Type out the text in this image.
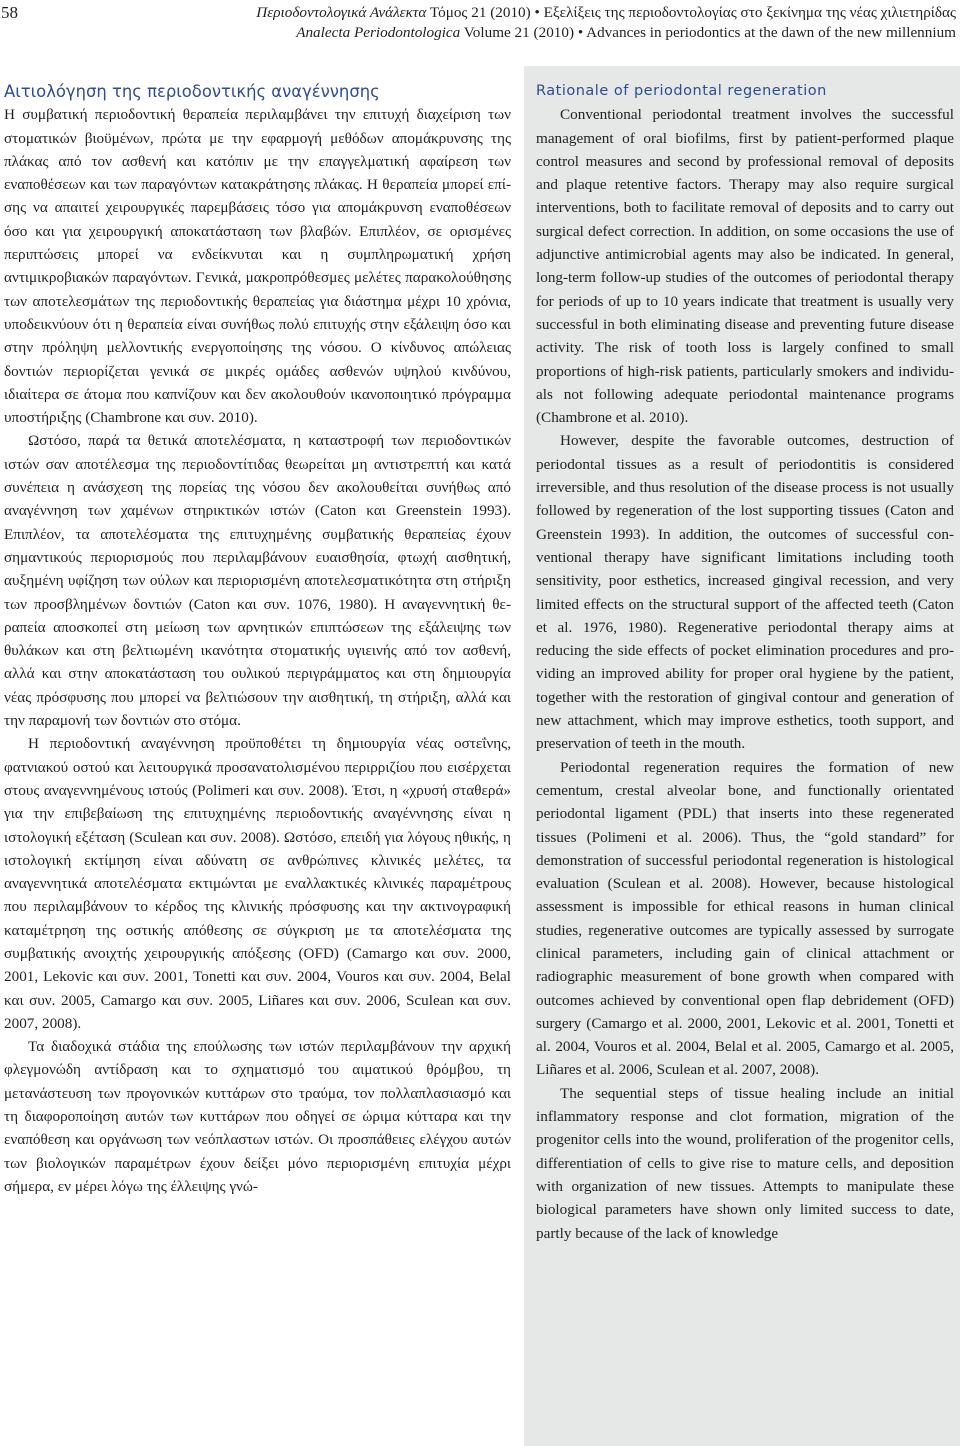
58	Περιοδοντολογικά Ανάλεκτα Τόμος 21 (2010) • Εξελίξεις της περιοδοντολογίας στο ξεκίνημα της νέας χιλιετηρίδας
Analecta Periodontologica Volume 21 (2010) • Advances in periodontics at the dawn of the new millennium
Αιτιολόγηση της περιοδοντικής αναγέννησης

Η συμβατική περιοδοντική θεραπεία περιλαμβάνει την επιτυχή διαχείριση των στοματικών βιοϋμένων, πρώτα με την εφαρμογή μεθόδων απομάκρυνσης της πλάκας από τον ασθενή και κατόπιν με την επαγγελματική αφαίρεση των εναποθέσεων και των παραγόντων κατακράτησης πλάκας. Η θεραπεία μπορεί επίσης να απαιτεί χειρουργικές παρεμβάσεις τόσο για απομάκρυνση εναποθέσεων όσο και για χειρουργική αποκατάσταση των βλαβών. Επιπλέον, σε ορισμένες περιπτώσεις μπορεί να ενδείκνυται και η συμπληρωματική χρήση αντιμικροβιακών παραγόντων. Γενικά, μακροπρόθεσμες μελέτες παρακολούθησης των αποτελεσμάτων της περιοδοντικής θεραπείας για διάστημα μέχρι 10 χρόνια, υποδεικνύουν ότι η θεραπεία είναι συνήθως πολύ επιτυχής στην εξάλειψη όσο και στην πρόληψη μελλοντικής ενεργοποίησης της νόσου. Ο κίνδυνος απώλειας δοντιών περιορίζεται γενικά σε μικρές ομάδες ασθενών υψηλού κινδύνου, ιδιαίτερα σε άτομα που καπνίζουν και δεν ακολουθούν ικανοποιητικό πρόγραμμα υποστήριξης (Chambrone και συν. 2010).

Ωστόσο, παρά τα θετικά αποτελέσματα, η καταστροφή των περιοδοντικών ιστών σαν αποτέλεσμα της περιοδοντίτιδας θεωρείται μη αντιστρεπτή και κατά συνέπεια η ανάσχεση της πορείας της νόσου δεν ακολουθείται συνήθως από αναγέννηση των χαμένων στηρικτικών ιστών (Caton και Greenstein 1993). Επιπλέον, τα αποτελέσματα της επιτυχημένης συμβατικής θεραπείας έχουν σημαντικούς περιορισμούς που περιλαμβάνουν ευαισθησία, φτωχή αισθητική, αυξημένη υφίζηση των ούλων και περιορισμένη αποτελεσματικότητα στη στήριξη των προσβλημένων δοντιών (Caton και συν. 1076, 1980). Η αναγεννητική θεραπεία αποσκοπεί στη μείωση των αρνητικών επιπτώσεων της εξάλειψης των θυλάκων και στη βελτιωμένη ικανότητα στοματικής υγιεινής από τον ασθενή, αλλά και στην αποκατάσταση του ουλικού περιγράμματος και στη δημιουργία νέας πρόσφυσης που μπορεί να βελτιώσουν την αισθητική, τη στήριξη, αλλά και την παραμονή των δοντιών στο στόμα.

Η περιοδοντική αναγέννηση προϋποθέτει τη δημιουργία νέας οστεΐνης, φατνιακού οστού και λειτουργικά προσανατολισμένου περιρριζίου που εισέρχεται στους αναγεννημένους ιστούς (Polimeri και συν. 2008). Έτσι, η «χρυσή σταθερά» για την επιβεβαίωση της επιτυχημένης περιοδοντικής αναγέννησης είναι η ιστολογική εξέταση (Sculean και συν. 2008). Ωστόσο, επειδή για λόγους ηθικής, η ιστολογική εκτίμηση είναι αδύνατη σε ανθρώπινες κλινικές μελέτες, τα αναγεννητικά αποτελέσματα εκτιμώνται με εναλλακτικές κλινικές παραμέτρους που περιλαμβάνουν το κέρδος της κλινικής πρόσφυσης και την ακτινογραφική καταμέτρηση της οστικής απόθεσης σε σύγκριση με τα αποτελέσματα της συμβατικής ανοιχτής χειρουργικής απόξεσης (OFD) (Camargo και συν. 2000, 2001, Lekovic και συν. 2001, Tonetti και συν. 2004, Vouros και συν. 2004, Belal και συν. 2005, Camargo και συν. 2005, Liñares και συν. 2006, Sculean και συν. 2007, 2008).

Τα διαδοχικά στάδια της επούλωσης των ιστών περιλαμβάνουν την αρχική φλεγμονώδη αντίδραση και το σχηματισμό του αιματικού θρόμβου, τη μετανάστευση των προγονικών κυττάρων στο τραύμα, τον πολλαπλασιασμό και τη διαφοροποίηση αυτών των κυττάρων που οδηγεί σε ώριμα κύτταρα και την εναπόθεση και οργάνωση των νεόπλαστων ιστών. Οι προσπάθειες ελέγχου αυτών των βιολογικών παραμέτρων έχουν δείξει μόνο περιορισμένη επιτυχία μέχρι σήμερα, εν μέρει λόγω της έλλειψης γνώ-

Rationale of periodontal regeneration

Conventional periodontal treatment involves the successful management of oral biofilms, first by patient-performed plaque control measures and second by professional removal of deposits and plaque retentive factors. Therapy may also require surgical interventions, both to facilitate removal of deposits and to carry out surgical defect correction. In addition, on some occasions the use of adjunctive antimicrobial agents may also be indicated. In general, long-term follow-up studies of the outcomes of periodontal therapy for periods of up to 10 years indicate that treatment is usually very successful in both eliminating disease and preventing future disease activity. The risk of tooth loss is largely confined to small proportions of high-risk patients, particularly smokers and individuals not following adequate periodontal maintenance programs (Chambrone et al. 2010).

However, despite the favorable outcomes, destruction of periodontal tissues as a result of periodontitis is considered irreversible, and thus resolution of the disease process is not usually followed by regeneration of the lost supporting tissues (Caton and Greenstein 1993). In addition, the outcomes of successful conventional therapy have significant limitations including tooth sensitivity, poor esthetics, increased gingival recession, and very limited effects on the structural support of the affected teeth (Caton et al. 1976, 1980). Regenerative periodontal therapy aims at reducing the side effects of pocket elimination procedures and providing an improved ability for proper oral hygiene by the patient, together with the restoration of gingival contour and generation of new attachment, which may improve esthetics, tooth support, and preservation of teeth in the mouth.

Periodontal regeneration requires the formation of new cementum, crestal alveolar bone, and functionally orientated periodontal ligament (PDL) that inserts into these regenerated tissues (Polimeni et al. 2006). Thus, the “gold standard” for demonstration of successful periodontal regeneration is histological evaluation (Sculean et al. 2008). However, because histological assessment is impossible for ethical reasons in human clinical studies, regenerative outcomes are typically assessed by surrogate clinical parameters, including gain of clinical attachment or radiographic measurement of bone growth when compared with outcomes achieved by conventional open flap debridement (OFD) surgery (Camargo et al. 2000, 2001, Lekovic et al. 2001, Tonetti et al. 2004, Vouros et al. 2004, Belal et al. 2005, Camargo et al. 2005, Liñares et al. 2006, Sculean et al. 2007, 2008).

The sequential steps of tissue healing include an initial inflammatory response and clot formation, migration of the progenitor cells into the wound, proliferation of the progenitor cells, differentiation of cells to give rise to mature cells, and deposition with organization of new tissues. Attempts to manipulate these biological parameters have shown only limited success to date, partly because of the lack of knowledge
